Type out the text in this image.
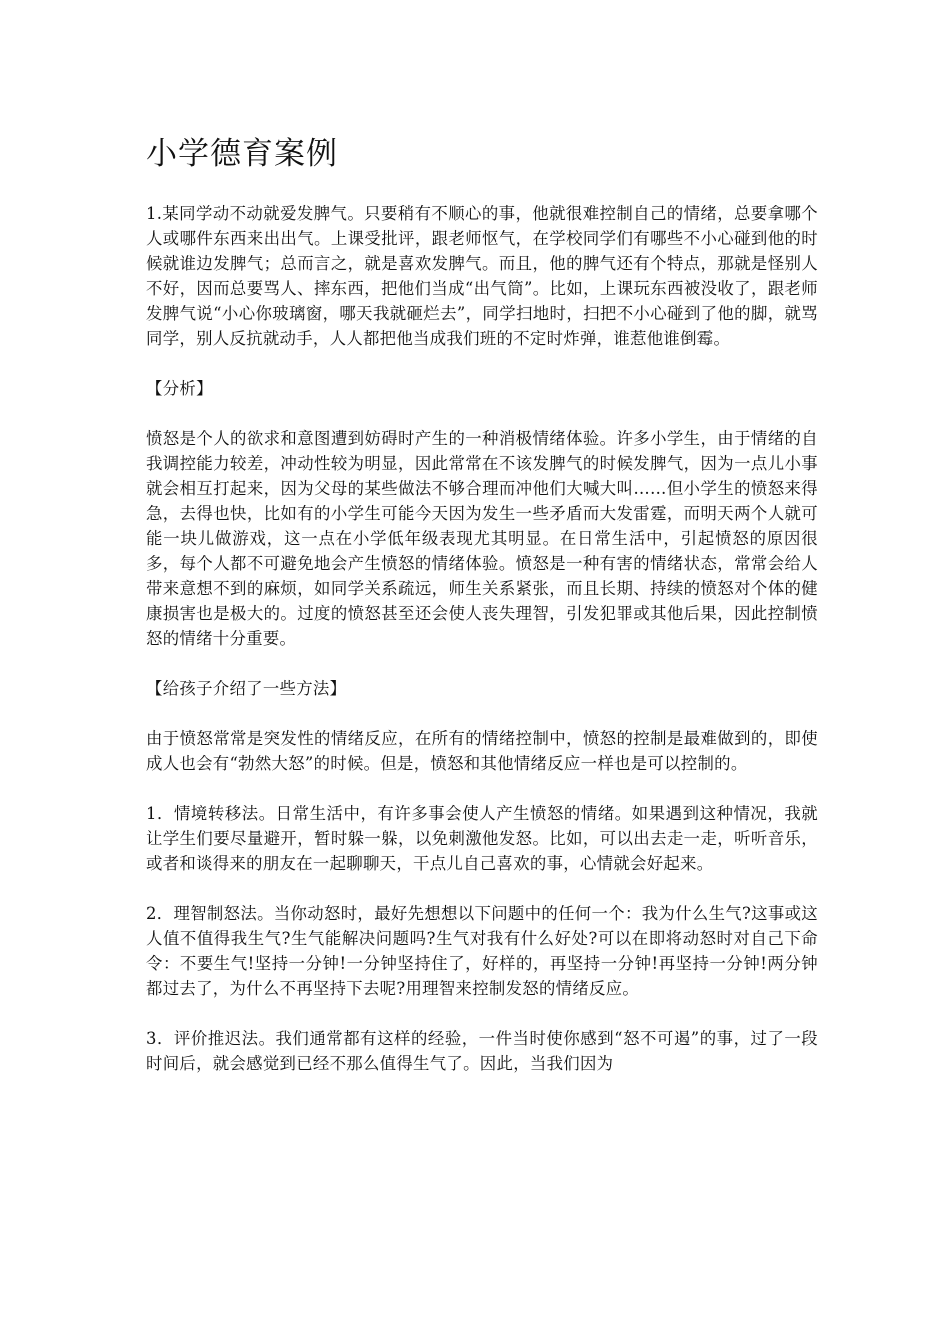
小学德育案例

1.某同学动不动就爱发脾气。只要稍有不顺心的事，他就很难控制自己的情绪，总要拿哪个人或哪件东西来出出气。上课受批评，跟老师怄气，在学校同学们有哪些不小心碰到他的时候就谁边发脾气；总而言之，就是喜欢发脾气。而且，他的脾气还有个特点，那就是怪别人不好，因而总要骂人、摔东西，把他们当成“出气筒”。比如，上课玩东西被没收了，跟老师发脾气说“小心你玻璃窗，哪天我就砸烂去”，同学扫地时，扫把不小心碰到了他的脚，就骂同学，别人反抗就动手，人人都把他当成我们班的不定时炸弹，谁惹他谁倒霉。

【分析】

愤怒是个人的欲求和意图遭到妨碍时产生的一种消极情绪体验。许多小学生，由于情绪的自我调控能力较差，冲动性较为明显，因此常常在不该发脾气的时候发脾气，因为一点儿小事就会相互打起来，因为父母的某些做法不够合理而冲他们大喊大叫……但小学生的愤怒来得急，去得也快，比如有的小学生可能今天因为发生一些矛盾而大发雷霆，而明天两个人就可能一块儿做游戏，这一点在小学低年级表现尤其明显。在日常生活中，引起愤怒的原因很多，每个人都不可避免地会产生愤怒的情绪体验。愤怒是一种有害的情绪状态，常常会给人带来意想不到的麻烦，如同学关系疏远，师生关系紧张，而且长期、持续的愤怒对个体的健康损害也是极大的。过度的愤怒甚至还会使人丧失理智，引发犯罪或其他后果，因此控制愤怒的情绪十分重要。

【给孩子介绍了一些方法】

由于愤怒常常是突发性的情绪反应，在所有的情绪控制中，愤怒的控制是最难做到的，即使成人也会有“勃然大怒”的时候。但是，愤怒和其他情绪反应一样也是可以控制的。

1．情境转移法。日常生活中，有许多事会使人产生愤怒的情绪。如果遇到这种情况，我就让学生们要尽量避开，暂时躲一躲，以免刺激他发怒。比如，可以出去走一走，听听音乐，或者和谈得来的朋友在一起聊聊天，干点儿自己喜欢的事，心情就会好起来。

2．理智制怒法。当你动怒时，最好先想想以下问题中的任何一个：我为什么生气?这事或这人值不值得我生气?生气能解决问题吗?生气对我有什么好处?可以在即将动怒时对自己下命令：不要生气!坚持一分钟!一分钟坚持住了，好样的，再坚持一分钟!再坚持一分钟!两分钟都过去了，为什么不再坚持下去呢?用理智来控制发怒的情绪反应。

3．评价推迟法。我们通常都有这样的经验，一件当时使你感到“怒不可遏”的事，过了一段时间后，就会感觉到已经不那么值得生气了。因此，当我们因为
